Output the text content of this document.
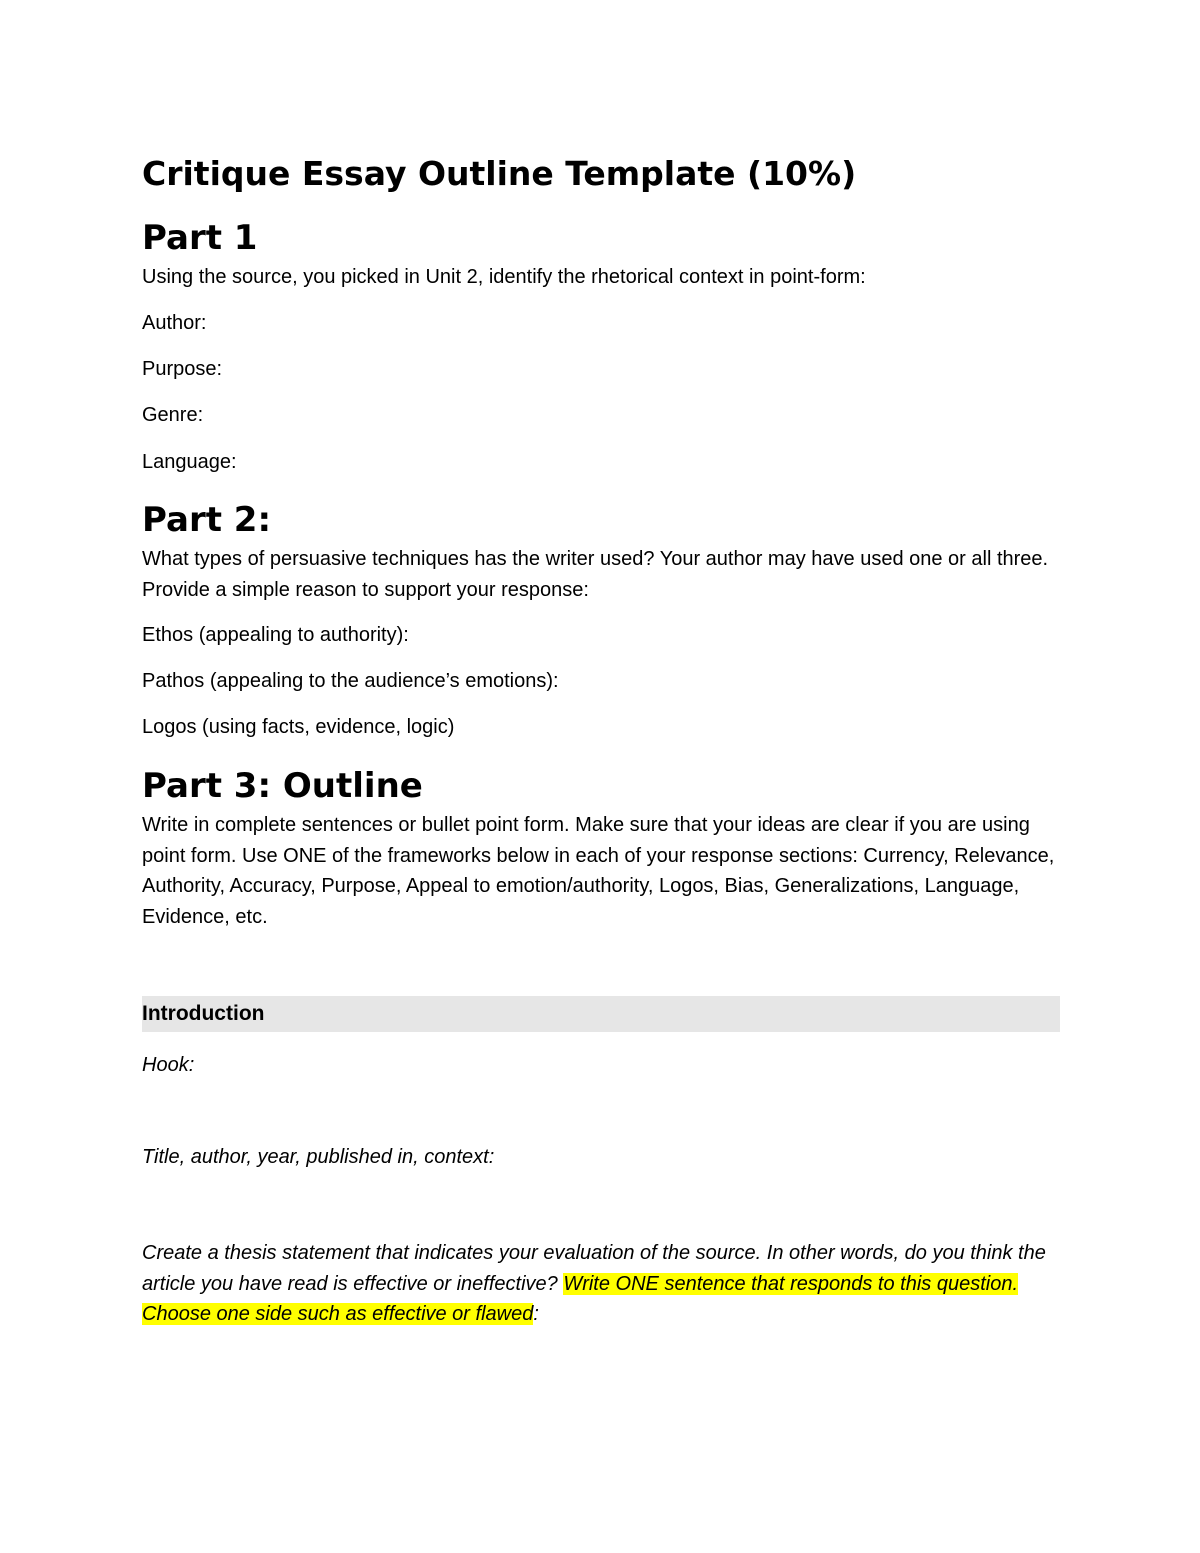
Critique Essay Outline Template (10%)
Part 1

Using the source, you picked in Unit 2, identify the rhetorical context in point-form:

Author:

Purpose:

Genre:

Language:

Part 2:

What types of persuasive techniques has the writer used? Your author may have used one or all three. Provide a simple reason to support your response:

Ethos (appealing to authority):

Pathos (appealing to the audience’s emotions):

Logos (using facts, evidence, logic)

Part 3: Outline

Write in complete sentences or bullet point form. Make sure that your ideas are clear if you are using point form. Use ONE of the frameworks below in each of your response sections: Currency, Relevance, Authority, Accuracy, Purpose, Appeal to emotion/authority, Logos, Bias, Generalizations, Language, Evidence, etc.

Introduction

Hook:

Title, author, year, published in, context:

Create a thesis statement that indicates your evaluation of the source. In other words, do you think the article you have read is effective or ineffective? Write ONE sentence that responds to this question. Choose one side such as effective or flawed:
